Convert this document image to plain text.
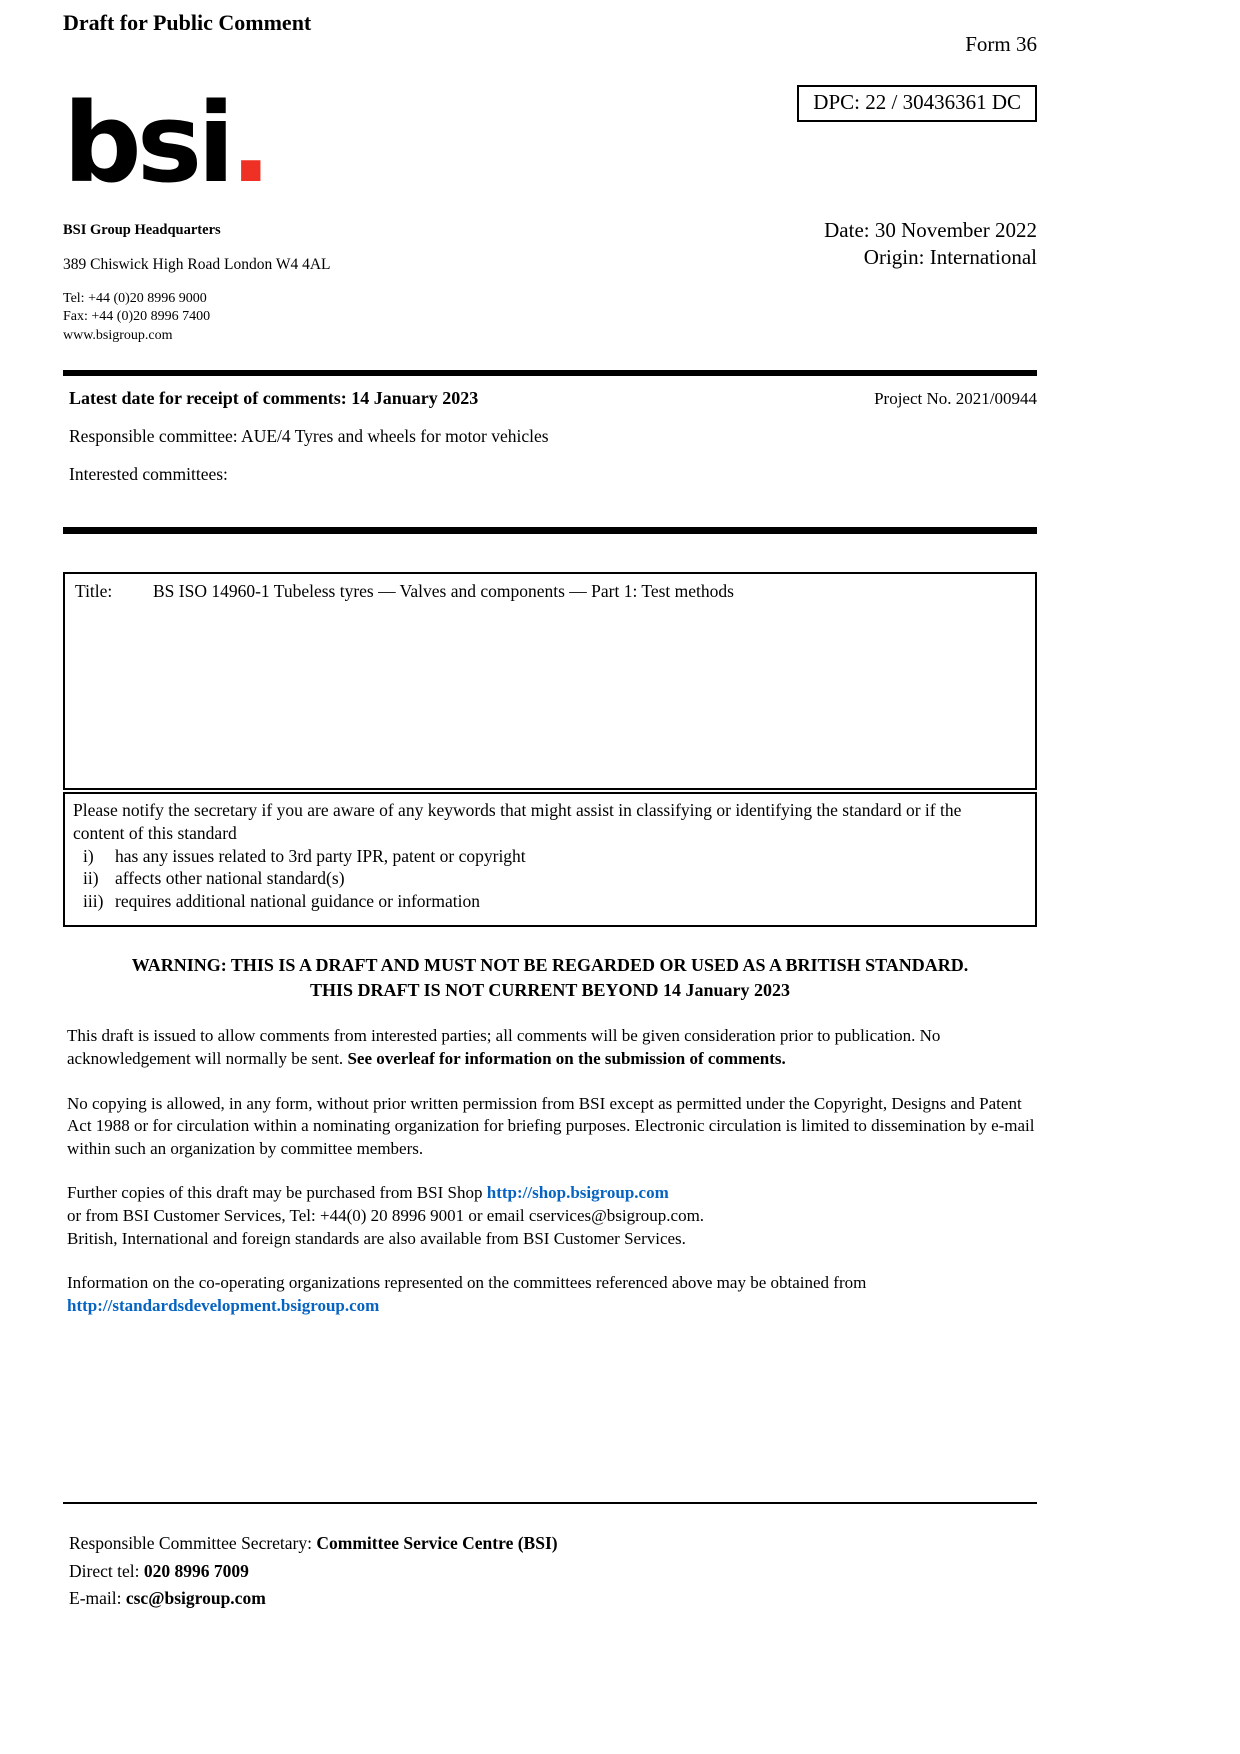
Draft for Public Comment
Form 36
bsi.
BSI Group Headquarters
389 Chiswick High Road London W4 4AL
Tel: +44 (0)20 8996 9000
Fax: +44 (0)20 8996 7400
www.bsigroup.com
DPC: 22 / 30436361 DC
Date: 30 November 2022
Origin: International
Latest date for receipt of comments: 14 January 2023	Project No. 2021/00944
Responsible committee: AUE/4 Tyres and wheels for motor vehicles
Interested committees:
Title:	BS ISO 14960-1 Tubeless tyres — Valves and components — Part 1: Test methods
Please notify the secretary if you are aware of any keywords that might assist in classifying or identifying the standard or if the content of this standard
i)	has any issues related to 3rd party IPR, patent or copyright
ii) affects other national standard(s)
iii) requires additional national guidance or information
WARNING: THIS IS A DRAFT AND MUST NOT BE REGARDED OR USED AS A BRITISH STANDARD.
THIS DRAFT IS NOT CURRENT BEYOND 14 January 2023
This draft is issued to allow comments from interested parties; all comments will be given consideration prior to publication. No acknowledgement will normally be sent. See overleaf for information on the submission of comments.
No copying is allowed, in any form, without prior written permission from BSI except as permitted under the Copyright, Designs and Patent Act 1988 or for circulation within a nominating organization for briefing purposes. Electronic circulation is limited to dissemination by e-mail within such an organization by committee members.
Further copies of this draft may be purchased from BSI Shop http://shop.bsigroup.com
or from BSI Customer Services, Tel: +44(0) 20 8996 9001 or email cservices@bsigroup.com.
British, International and foreign standards are also available from BSI Customer Services.
Information on the co-operating organizations represented on the committees referenced above may be obtained from
http://standardsdevelopment.bsigroup.com
Responsible Committee Secretary: Committee Service Centre (BSI)
Direct tel: 020 8996 7009
E-mail: csc@bsigroup.com
